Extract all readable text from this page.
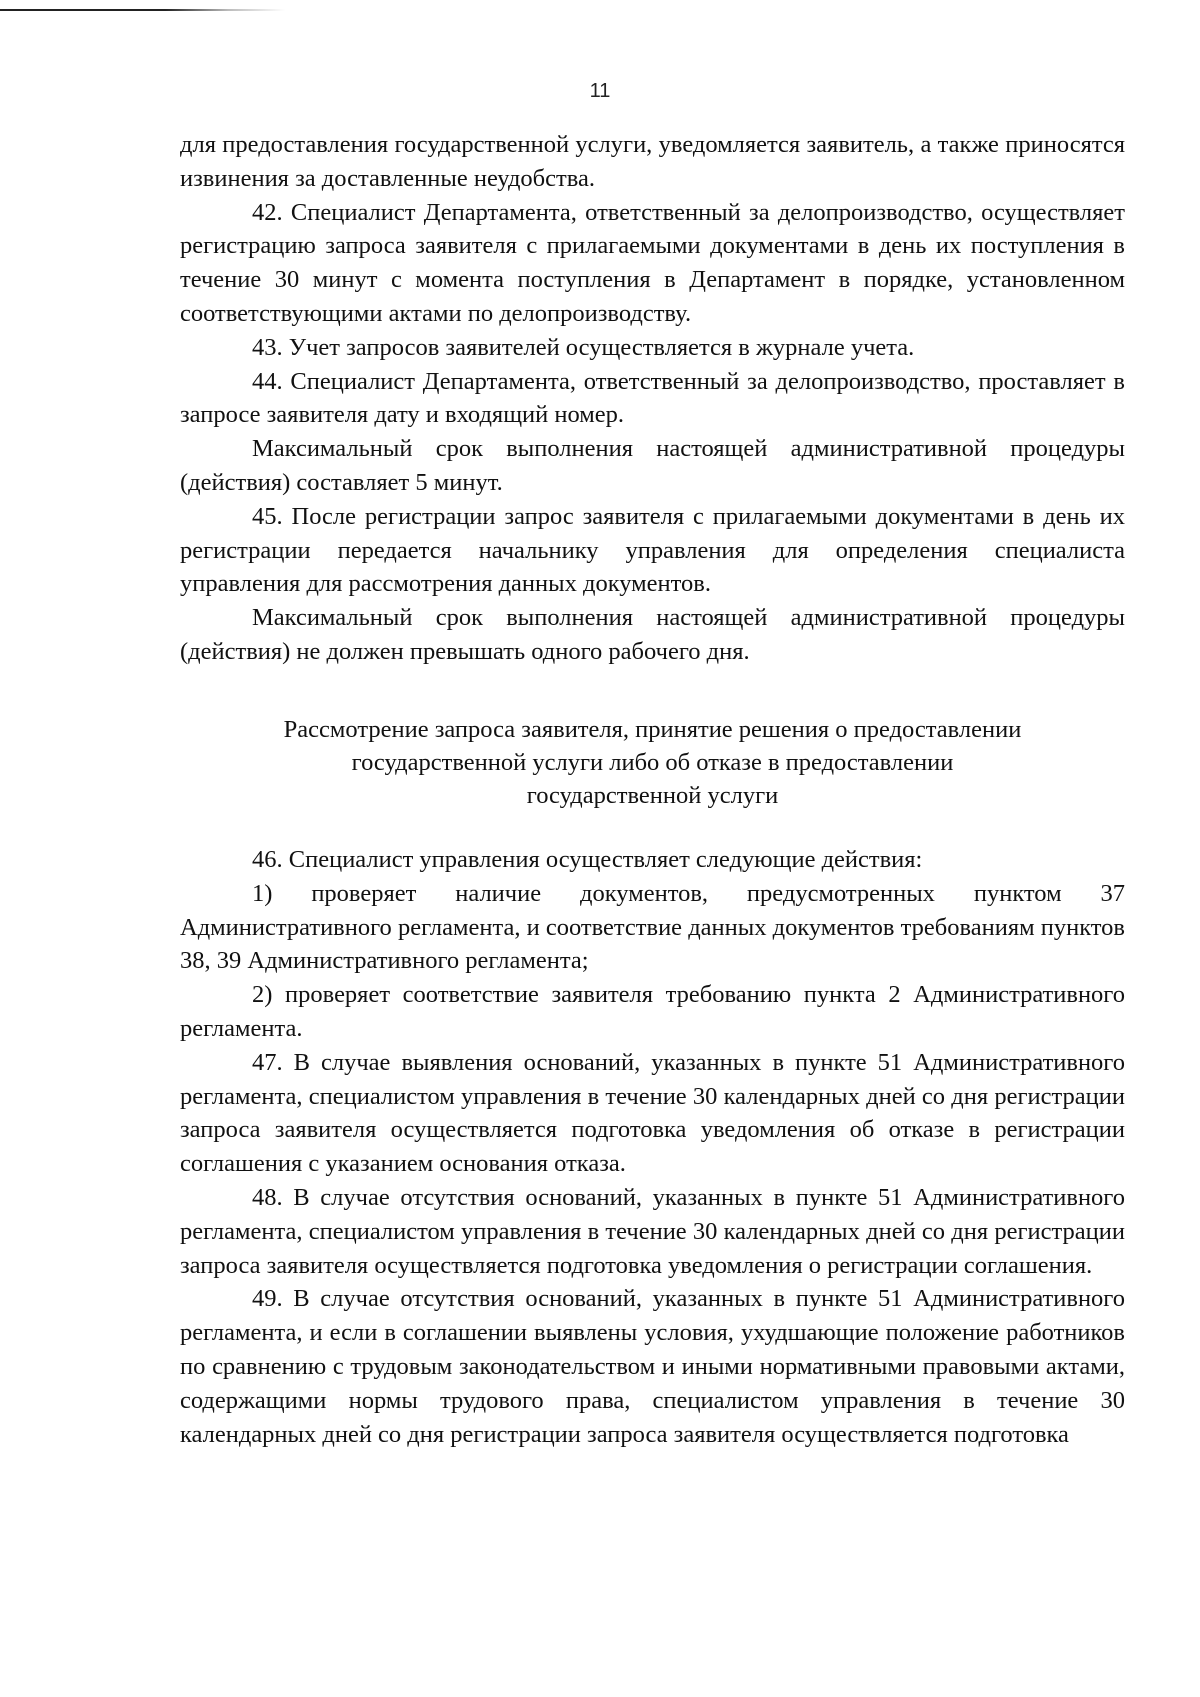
11

для предоставления государственной услуги, уведомляется заявитель, а также приносятся извинения за доставленные неудобства.

42. Специалист Департамента, ответственный за делопроизводство, осуществляет регистрацию запроса заявителя с прилагаемыми документами в день их поступления в течение 30 минут с момента поступления в Департамент в порядке, установленном соответствующими актами по делопроизводству.

43. Учет запросов заявителей осуществляется в журнале учета.

44. Специалист Департамента, ответственный за делопроизводство, проставляет в запросе заявителя дату и входящий номер.

Максимальный срок выполнения настоящей административной процедуры (действия) составляет 5 минут.

45. После регистрации запрос заявителя с прилагаемыми документами в день их регистрации передается начальнику управления для определения специалиста управления для рассмотрения данных документов.

Максимальный срок выполнения настоящей административной процедуры (действия) не должен превышать одного рабочего дня.

Рассмотрение запроса заявителя, принятие решения о предоставлении
государственной услуги либо об отказе в предоставлении
государственной услуги

46. Специалист управления осуществляет следующие действия:

1) проверяет наличие документов, предусмотренных пунктом 37 Административного регламента, и соответствие данных документов требованиям пунктов 38, 39 Административного регламента;

2) проверяет соответствие заявителя требованию пункта 2 Административного регламента.

47. В случае выявления оснований, указанных в пункте 51 Административного регламента, специалистом управления в течение 30 календарных дней со дня регистрации запроса заявителя осуществляется подготовка уведомления об отказе в регистрации соглашения с указанием основания отказа.

48. В случае отсутствия оснований, указанных в пункте 51 Административного регламента, специалистом управления в течение 30 календарных дней со дня регистрации запроса заявителя осуществляется подготовка уведомления о регистрации соглашения.

49. В случае отсутствия оснований, указанных в пункте 51 Административного регламента, и если в соглашении выявлены условия, ухудшающие положение работников по сравнению с трудовым законодательством и иными нормативными правовыми актами, содержащими нормы трудового права, специалистом управления в течение 30 календарных дней со дня регистрации запроса заявителя осуществляется подготовка
